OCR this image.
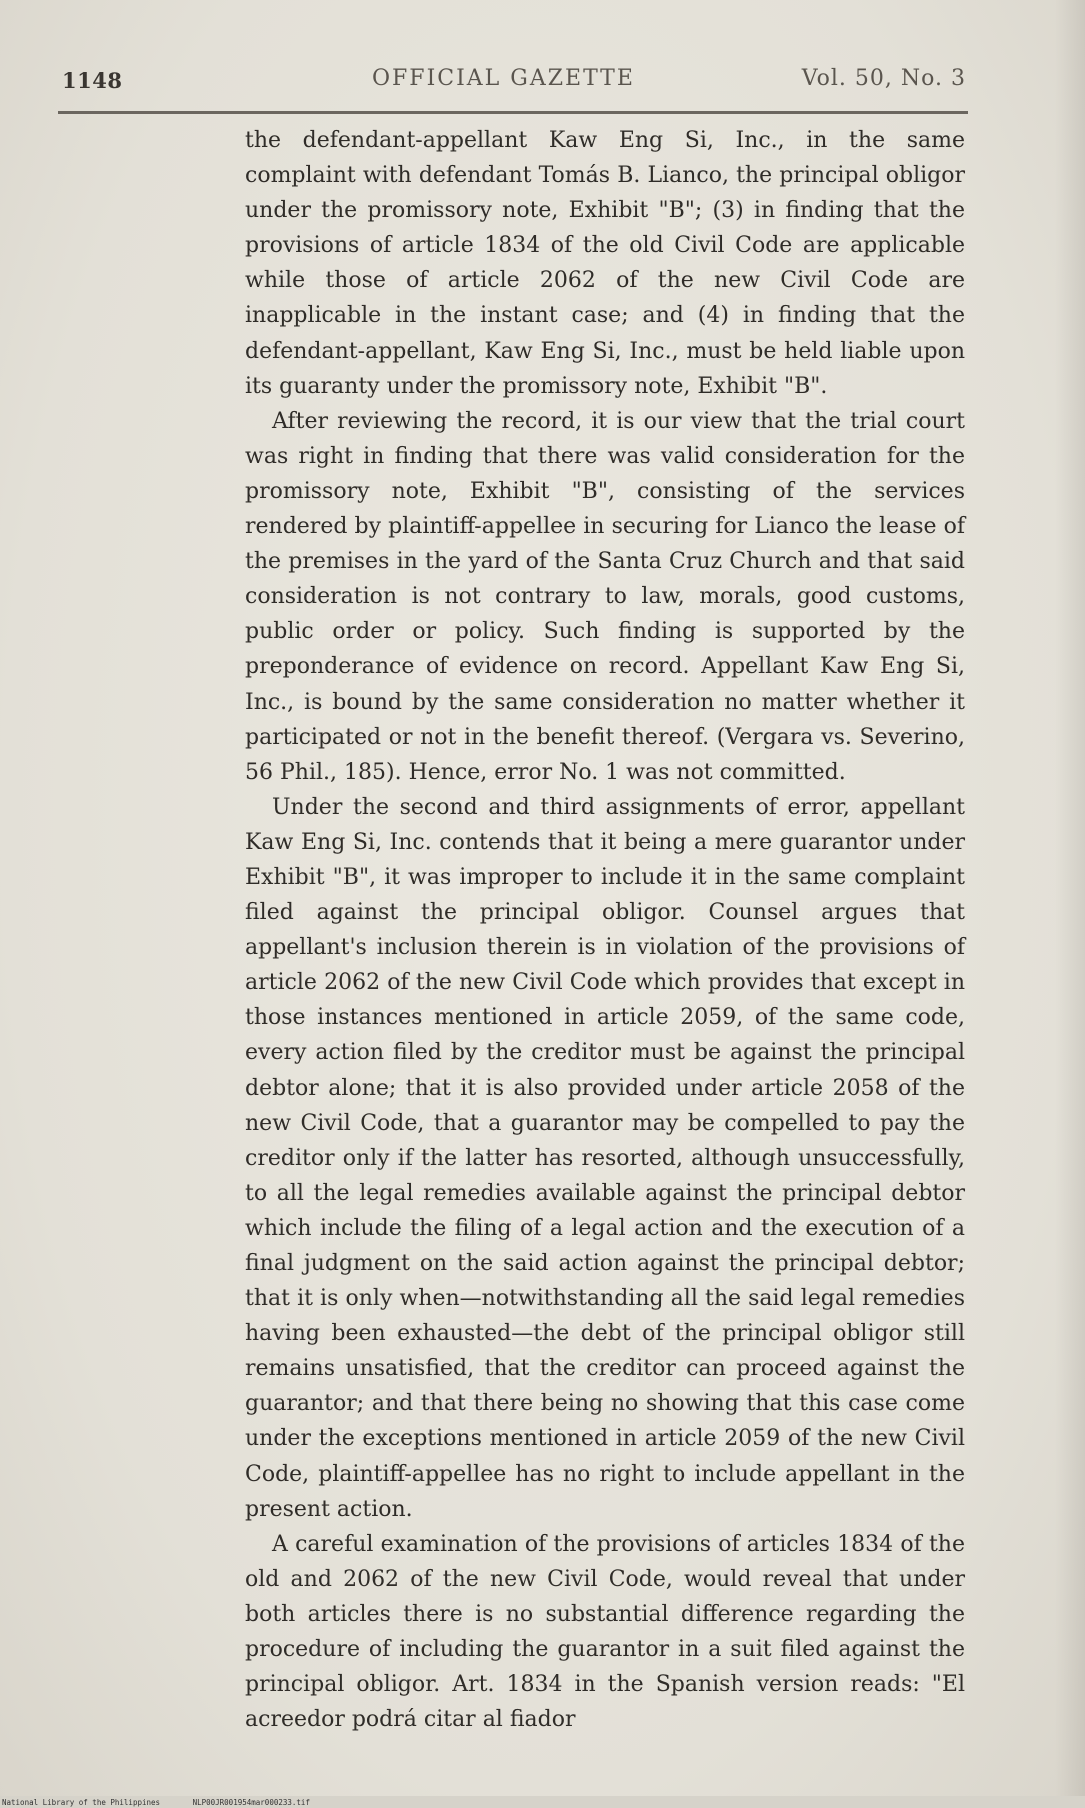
1148	OFFICIAL GAZETTE	Vol. 50, No. 3

the defendant-appellant Kaw Eng Si, Inc., in the same complaint with defendant Tomás B. Lianco, the principal obligor under the promissory note, Exhibit "B"; (3) in finding that the provisions of article 1834 of the old Civil Code are applicable while those of article 2062 of the new Civil Code are inapplicable in the instant case; and (4) in finding that the defendant-appellant, Kaw Eng Si, Inc., must be held liable upon its guaranty under the promissory note, Exhibit "B".

After reviewing the record, it is our view that the trial court was right in finding that there was valid consideration for the promissory note, Exhibit "B", consisting of the services rendered by plaintiff-appellee in securing for Lianco the lease of the premises in the yard of the Santa Cruz Church and that said consideration is not contrary to law, morals, good customs, public order or policy. Such finding is supported by the preponderance of evidence on record. Appellant Kaw Eng Si, Inc., is bound by the same consideration no matter whether it participated or not in the benefit thereof. (Vergara vs. Severino, 56 Phil., 185). Hence, error No. 1 was not committed.

Under the second and third assignments of error, appellant Kaw Eng Si, Inc. contends that it being a mere guarantor under Exhibit "B", it was improper to include it in the same complaint filed against the principal obligor. Counsel argues that appellant's inclusion therein is in violation of the provisions of article 2062 of the new Civil Code which provides that except in those instances mentioned in article 2059, of the same code, every action filed by the creditor must be against the principal debtor alone; that it is also provided under article 2058 of the new Civil Code, that a guarantor may be compelled to pay the creditor only if the latter has resorted, although unsuccessfully, to all the legal remedies available against the principal debtor which include the filing of a legal action and the execution of a final judgment on the said action against the principal debtor; that it is only when—notwithstanding all the said legal remedies having been exhausted—the debt of the principal obligor still remains unsatisfied, that the creditor can proceed against the guarantor; and that there being no showing that this case come under the exceptions mentioned in article 2059 of the new Civil Code, plaintiff-appellee has no right to include appellant in the present action.

A careful examination of the provisions of articles 1834 of the old and 2062 of the new Civil Code, would reveal that under both articles there is no substantial difference regarding the procedure of including the guarantor in a suit filed against the principal obligor. Art. 1834 in the Spanish version reads: "El acreedor podrá citar al fiador

National Library of the Philippines	NLP00JR001954mar000233.tif
